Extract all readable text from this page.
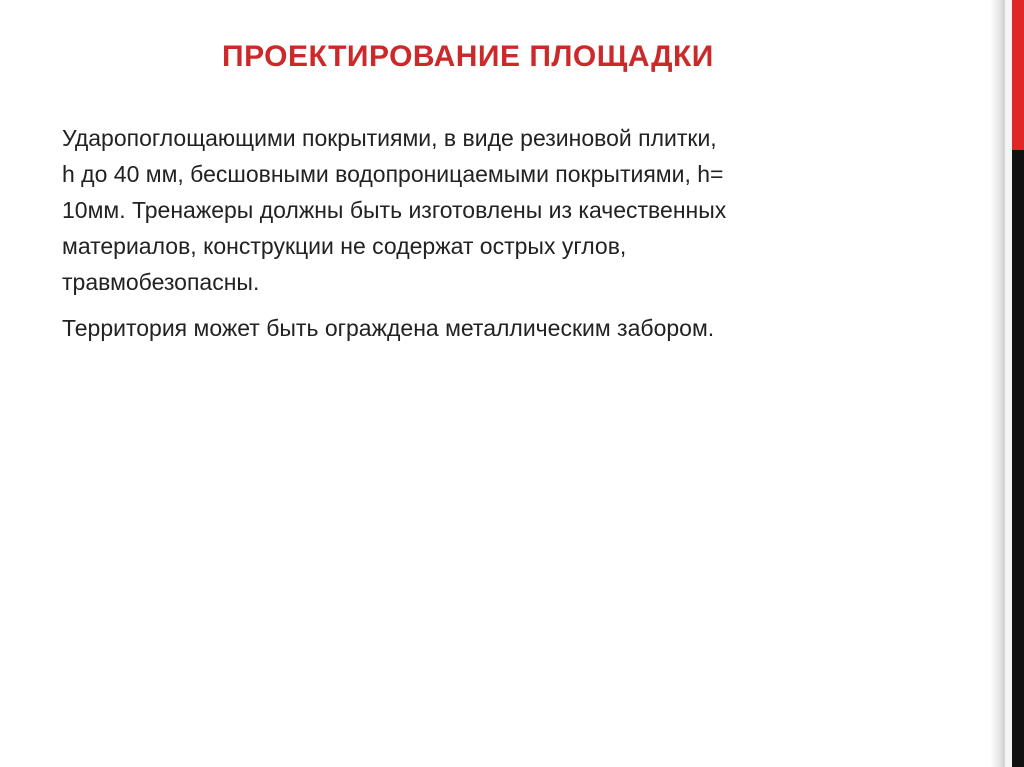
ПРОЕКТИРОВАНИЕ ПЛОЩАДКИ

Ударопоглощающими покрытиями, в виде резиновой плитки,
h до 40 мм, бесшовными водопроницаемыми покрытиями, h=
10мм. Тренажеры должны быть изготовлены из качественных
материалов, конструкции не содержат острых углов,
травмобезопасны.

Территория может быть ограждена металлическим забором.
